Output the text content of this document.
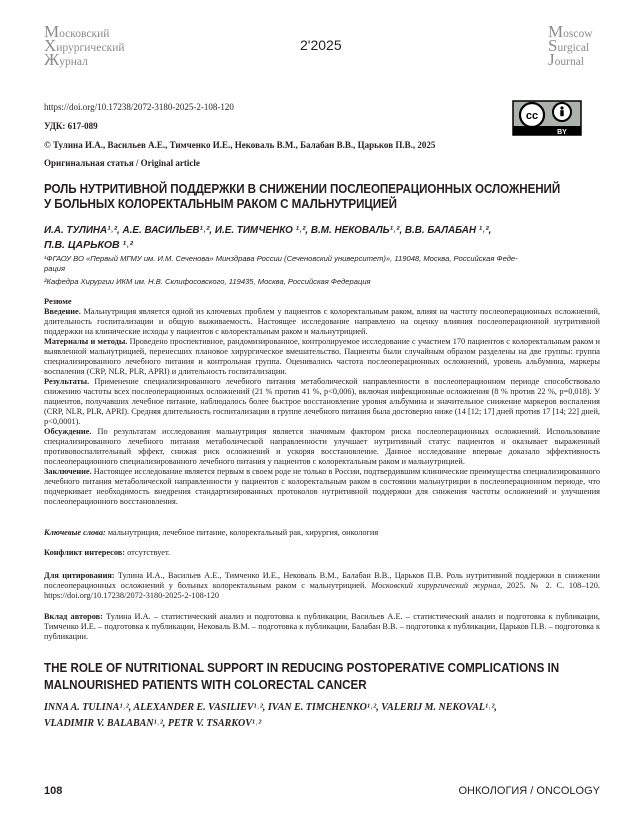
Московский
Хирургический
Журнал
2'2025
Moscow
Surgical
Journal
https://doi.org/10.17238/2072-3180-2025-2-108-120
УДК: 617-089
© Тулина И.А., Васильев А.Е., Тимченко И.Е., Нековаль В.М., Балабан В.В., Царьков П.В., 2025
Оригинальная статья / Original article
cc
BY
РОЛЬ НУТРИТИВНОЙ ПОДДЕРЖКИ В СНИЖЕНИИ ПОСЛЕОПЕРАЦИОННЫХ ОСЛОЖНЕНИЙ
У БОЛЬНЫХ КОЛОРЕКТАЛЬНЫМ РАКОМ С МАЛЬНУТРИЦИЕЙ
И.А. ТУЛИНА¹˒², А.Е. ВАСИЛЬЕВ¹˒², И.Е. ТИМЧЕНКО ¹˒², В.М. НЕКОВАЛЬ¹˒², В.В. БАЛАБАН ¹˒²,
П.В. ЦАРЬКОВ ¹˒²
¹ФГАОУ ВО «Первый МГМУ им. И.М. Сеченова» Минздрава России (Сеченовский университет)», 119048, Москва, Российская Феде-
рация
²Кафедра Хирургии ИКМ им. Н.В. Склифосовского, 119435, Москва, Российская Федерация

Резюме

Введение. Мальнутриция является одной из ключевых проблем у пациентов с колоректальным раком, влияя на частоту послеоперационных осложнений, длительность госпитализации и общую выживаемость. Настоящее исследование направлено на оценку влияния послеоперационной нутритивной поддержки на клинические исходы у пациентов с колоректальным раком и мальнутрицией.

Материалы и методы. Проведено проспективное, рандомизированное, контролируемое исследование с участием 170 пациентов с колоректальным раком и выявленной мальнутрицией, перенесших плановое хирургическое вмешательство. Пациенты были случайным образом разделены на две группы: группа специализированного лечебного питания и контрольная группа. Оценивались частота послеоперационных осложнений, уровень альбумина, маркеры воспаления (CRP, NLR, PLR, APRI) и длительность госпитализации.

Результаты. Применение специализированного лечебного питания метаболической направленности в послеоперационном периоде способствовало снижению частоты всех послеоперационных осложнений (21 % против 41 %, p<0,006), включая инфекционные осложнения (8 % против 22 %, p=0,018). У пациентов, получавших лечебное питание, наблюдалось более быстрое восстановление уровня альбумина и значительное снижение маркеров воспаления (CRP, NLR, PLR, APRI). Средняя длительность госпитализации в группе лечебного питания была достоверно ниже (14 [12; 17] дней против 17 [14; 22] дней, p<0,0001).

Обсуждение. По результатам исследования мальнутриция является значимым фактором риска послеоперационных осложнений. Использование специализированного лечебного питания метаболической направленности улучшает нутритивный статус пациентов и оказывает выраженный противовоспалительный эффект, снижая риск осложнений и ускоряя восстановление. Данное исследование впервые доказало эффективность послеоперационного специализированного лечебного питания у пациентов с колоректальным раком и мальнутрицией.

Заключение. Настоящее исследование является первым в своем роде не только в России, подтвердившим клинические преимущества специализированного лечебного питания метаболической направленности у пациентов с колоректальным раком в состоянии мальнутриции в послеоперационном периоде, что подчеркивает необходимость внедрения стандартизированных протоколов нутритивной поддержки для снижения частоты осложнений и улучшения послеоперационного восстановления.

Ключевые слова: мальнутриция, лечебное питание, колоректальный рак, хирургия, онкология
Конфликт интересов: отсутствует.
Для цитирования: Тулина И.А., Васильев А.Е., Тимченко И.Е., Нековаль В.М., Балабан В.В., Царьков П.В. Роль нутритивной поддержки в снижении послеоперационных осложнений у больных колоректальным раком с мальнутрицией. Московский хирургический журнал, 2025. № 2. С. 108–120. https://doi.org/10.17238/2072-3180-2025-2-108-120
Вклад авторов: Тулина И.А. – статистический анализ и подготовка к публикации, Васильев А.Е. – статистический анализ и подготовка к публикации, Тимченко И.Е. – подготовка к публикации, Нековаль В.М. – подготовка к публикации, Балабан В.В. – подготовка к публикации, Царьков П.В. – подготовка к публикации.
THE ROLE OF NUTRITIONAL SUPPORT IN REDUCING POSTOPERATIVE COMPLICATIONS IN
MALNOURISHED PATIENTS WITH COLORECTAL CANCER
INNA A. TULINA¹˒², ALEXANDER E. VASILIEV¹˒², IVAN E. TIMCHENKO¹˒², VALERIJ M. NEKOVAL¹˒²,
VLADIMIR V. BALABAN¹˒², PETR V. TSARKOV¹˒²
108	ОНКОЛОГИЯ / ONCOLOGY
